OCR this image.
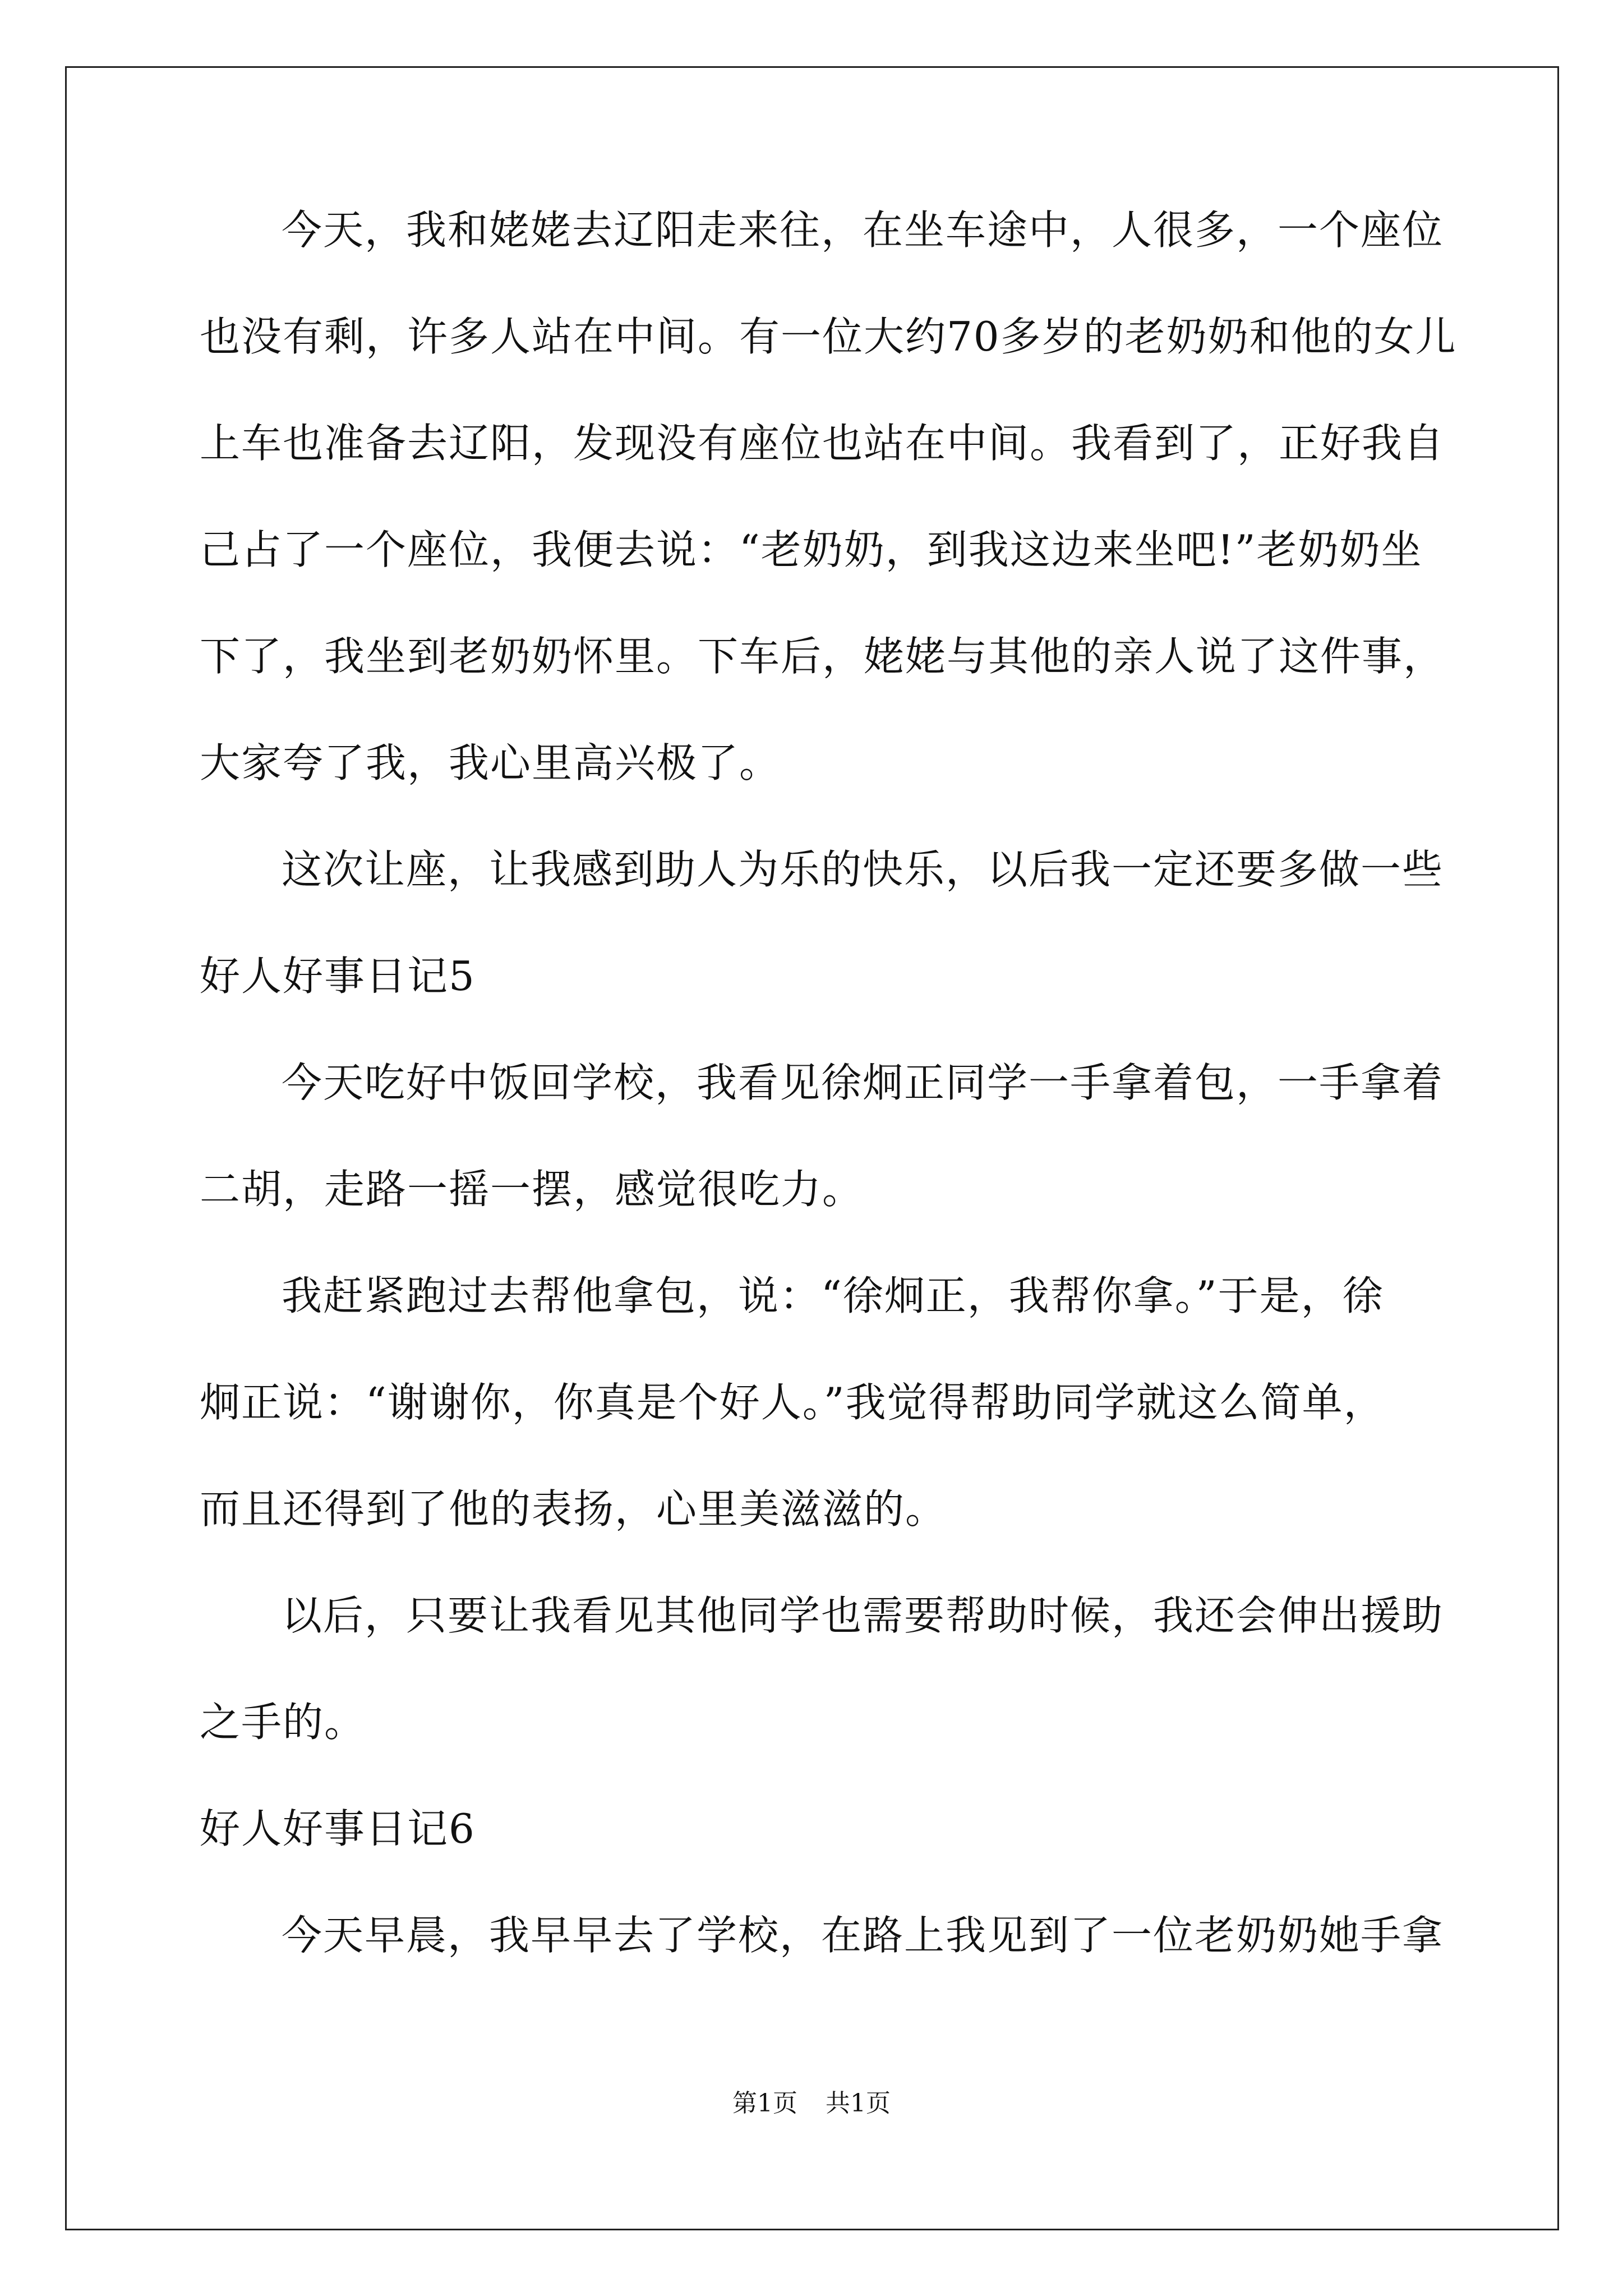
今天，我和姥姥去辽阳走来往，在坐车途中，人很多，一个座位
也没有剩，许多人站在中间。有一位大约70多岁的老奶奶和他的女儿
上车也准备去辽阳，发现没有座位也站在中间。我看到了，正好我自
己占了一个座位，我便去说：“老奶奶，到我这边来坐吧!”老奶奶坐
下了，我坐到老奶奶怀里。下车后，姥姥与其他的亲人说了这件事，
大家夸了我，我心里高兴极了。
这次让座，让我感到助人为乐的快乐，以后我一定还要多做一些
好人好事日记5
今天吃好中饭回学校，我看见徐炯正同学一手拿着包，一手拿着
二胡，走路一摇一摆，感觉很吃力。
我赶紧跑过去帮他拿包，说：“徐炯正，我帮你拿。”于是，徐
炯正说：“谢谢你，你真是个好人。”我觉得帮助同学就这么简单，
而且还得到了他的表扬，心里美滋滋的。
以后，只要让我看见其他同学也需要帮助时候，我还会伸出援助
之手的。
好人好事日记6
今天早晨，我早早去了学校，在路上我见到了一位老奶奶她手拿
第1页 共1页
